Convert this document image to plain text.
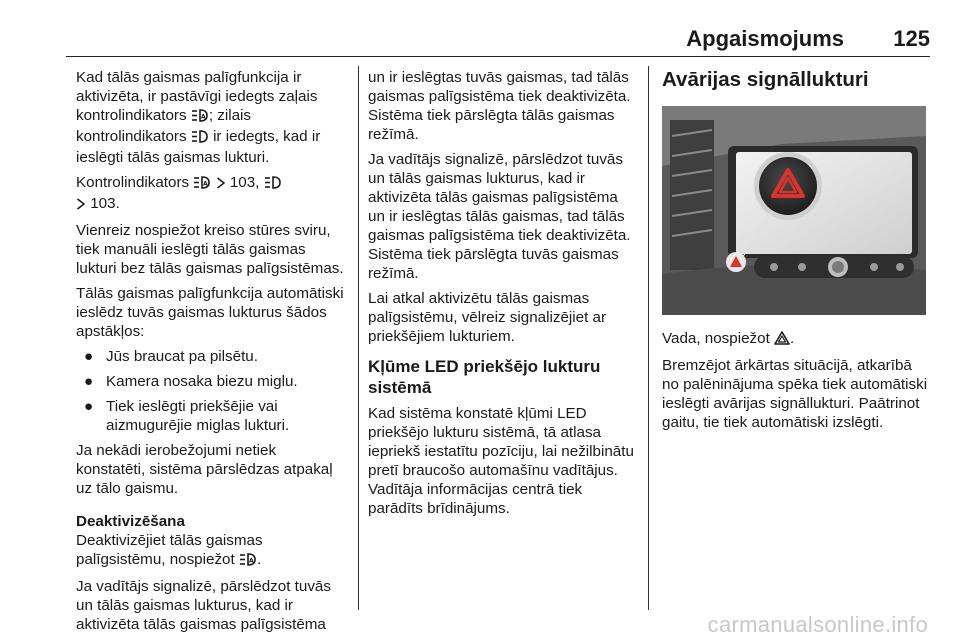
Apgaismojums 125

Kad tālās gaismas palīgfunkcija ir aktivizēta, ir pastāvīgi iedegts zaļais kontrolindikators A ; zilais kontrolindikators ir iedegts, kad ir ieslēgti tālās gaismas lukturi.

Kontrolindikators A 103,
103.

Vienreiz nospiežot kreiso stūres sviru, tiek manuāli ieslēgti tālās gaismas lukturi bez tālās gaismas palīgsistēmas.

Tālās gaismas palīgfunkcija automātiski ieslēdz tuvās gaismas lukturus šādos apstākļos:

● Jūs braucat pa pilsētu.
● Kamera nosaka biezu miglu.
● Tiek ieslēgti priekšējie vai aizmugurējie miglas lukturi.

Ja nekādi ierobežojumi netiek konstatēti, sistēma pārslēdzas atpakaļ uz tālo gaismu.

Deaktivizēšana

Deaktivizējiet tālās gaismas palīgsistēmu, nospiežot A .

Ja vadītājs signalizē, pārslēdzot tuvās un tālās gaismas lukturus, kad ir aktivizēta tālās gaismas palīgsistēma

un ir ieslēgtas tuvās gaismas, tad tālās gaismas palīgsistēma tiek deaktivizēta. Sistēma tiek pārslēgta tālās gaismas režīmā.

Ja vadītājs signalizē, pārslēdzot tuvās un tālās gaismas lukturus, kad ir aktivizēta tālās gaismas palīgsistēma un ir ieslēgtas tālās gaismas, tad tālās gaismas palīgsistēma tiek deaktivizēta. Sistēma tiek pārslēgta tuvās gaismas režīmā.

Lai atkal aktivizētu tālās gaismas palīgsistēmu, vēlreiz signalizējiet ar priekšējiem lukturiem.

Kļūme LED priekšējo lukturu sistēmā

Kad sistēma konstatē kļūmi LED priekšējo lukturu sistēmā, tā atlasa iepriekš iestatītu pozīciju, lai nežilbinātu pretī braucošo automašīnu vadītājus. Vadītāja informācijas centrā tiek parādīts brīdinājums.

Avārijas signāllukturi

Vada, nospiežot .

Bremzējot ārkārtas situācijā, atkarībā no palēninājuma spēka tiek automātiski ieslēgti avārijas signāllukturi. Paātrinot gaitu, tie tiek automātiski izslēgti.

carmanualsonline.info
